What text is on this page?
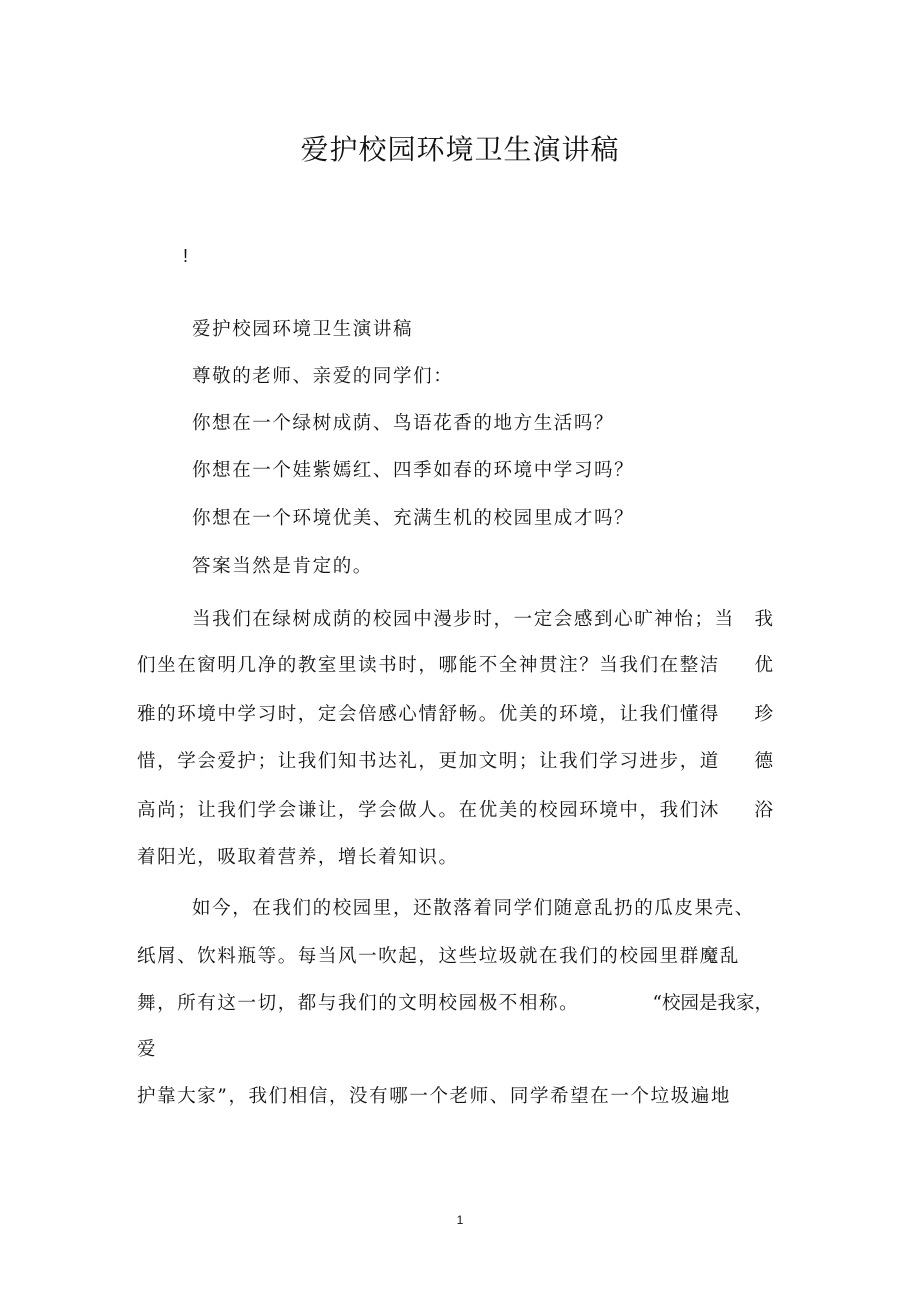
爱护校园环境卫生演讲稿
!
爱护校园环境卫生演讲稿
尊敬的老师、亲爱的同学们：
你想在一个绿树成荫、鸟语花香的地方生活吗？
你想在一个娃紫嫣红、四季如春的环境中学习吗？
你想在一个环境优美、充满生机的校园里成才吗？
答案当然是肯定的。
当我们在绿树成荫的校园中漫步时，一定会感到心旷神怡；当 我
们坐在窗明几净的教室里读书时，哪能不全神贯注？当我们在整洁 优
雅的环境中学习时，定会倍感心情舒畅。优美的环境，让我们懂得 珍
惜，学会爱护；让我们知书达礼，更加文明；让我们学习进步，道 德
高尚；让我们学会谦让，学会做人。在优美的校园环境中，我们沐 浴
着阳光，吸取着营养，增长着知识。
如今，在我们的校园里，还散落着同学们随意乱扔的瓜皮果壳、
纸屑、饮料瓶等。每当风一吹起，这些垃圾就在我们的校园里群魔乱
舞，所有这一切，都与我们的文明校园极不相称。	“校园是我家，
爱
护靠大家”，我们相信，没有哪一个老师、同学希望在一个垃圾遍地
1
